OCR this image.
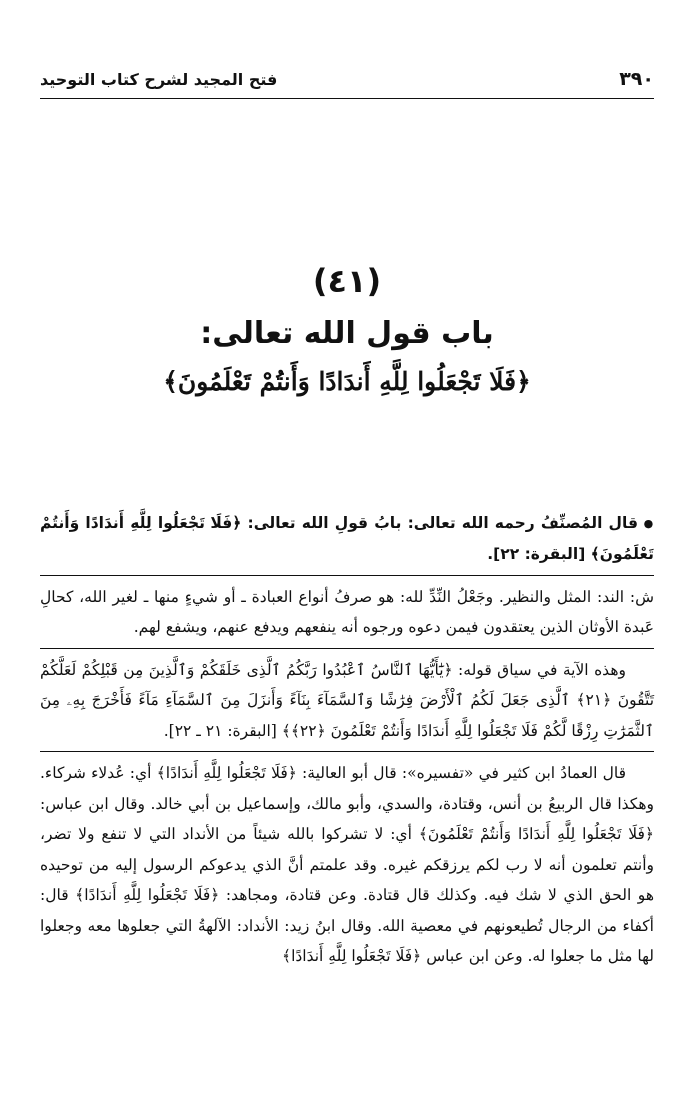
٣٩٠
فتح المجيد لشرح كتاب التوحيد
(٤١)
باب قول الله تعالى:
﴿فَلَا تَجْعَلُوا لِلَّهِ أَندَادًا وَأَنتُمْ تَعْلَمُونَ﴾

● قال المُصنِّفُ رحمه الله تعالى: بابُ قولِ الله تعالى: ﴿فَلَا تَجْعَلُوا لِلَّهِ أَندَادًا وَأَنتُمْ تَعْلَمُونَ﴾ [البقرة: ٢٢].

ش: الند: المثل والنظير. وجَعْلُ النِّدِّ لله: هو صرفُ أنواع العبادة ـ أو شيءٍ منها ـ لغير الله، كحالِ عَبدة الأوثان الذين يعتقدون فيمن دعوه ورجوه أنه ينفعهم ويدفع عنهم، ويشفع لهم.

وهذه الآية في سياق قوله: ﴿يَٰٓأَيُّهَا ٱلنَّاسُ ٱعْبُدُوا رَبَّكُمُ ٱلَّذِى خَلَقَكُمْ وَٱلَّذِينَ مِن قَبْلِكُمْ لَعَلَّكُمْ تَتَّقُونَ ﴿٢١﴾ ٱلَّذِى جَعَلَ لَكُمُ ٱلْأَرْضَ فِرَٰشًا وَٱلسَّمَآءَ بِنَآءً وَأَنزَلَ مِنَ ٱلسَّمَآءِ مَآءً فَأَخْرَجَ بِهِۦ مِنَ ٱلثَّمَرَٰتِ رِزْقًا لَّكُمْ فَلَا تَجْعَلُوا لِلَّهِ أَندَادًا وَأَنتُمْ تَعْلَمُونَ ﴿٢٢﴾﴾ [البقرة: ٢١ ـ ٢٢].

قال العمادُ ابن كثير في «تفسيره»: قال أبو العالية: ﴿فَلَا تَجْعَلُوا لِلَّهِ أَندَادًا﴾ أي: عُدلاء شركاء. وهكذا قال الربيعُ بن أنس، وقتادة، والسدي، وأبو مالك، وإسماعيل بن أبي خالد. وقال ابن عباس: ﴿فَلَا تَجْعَلُوا لِلَّهِ أَندَادًا وَأَنتُمْ تَعْلَمُونَ﴾ أي: لا تشركوا بالله شيئاً من الأنداد التي لا تنفع ولا تضر، وأنتم تعلمون أنه لا رب لكم يرزقكم غيره. وقد علمتم أنَّ الذي يدعوكم الرسول إليه من توحيده هو الحق الذي لا شك فيه. وكذلك قال قتادة. وعن قتادة، ومجاهد: ﴿فَلَا تَجْعَلُوا لِلَّهِ أَندَادًا﴾ قال: أكفاء من الرجال تُطيعونهم في معصية الله. وقال ابنُ زيد: الأنداد: الآلهةُ التي جعلوها معه وجعلوا لها مثل ما جعلوا له. وعن ابن عباس ﴿فَلَا تَجْعَلُوا لِلَّهِ أَندَادًا﴾
